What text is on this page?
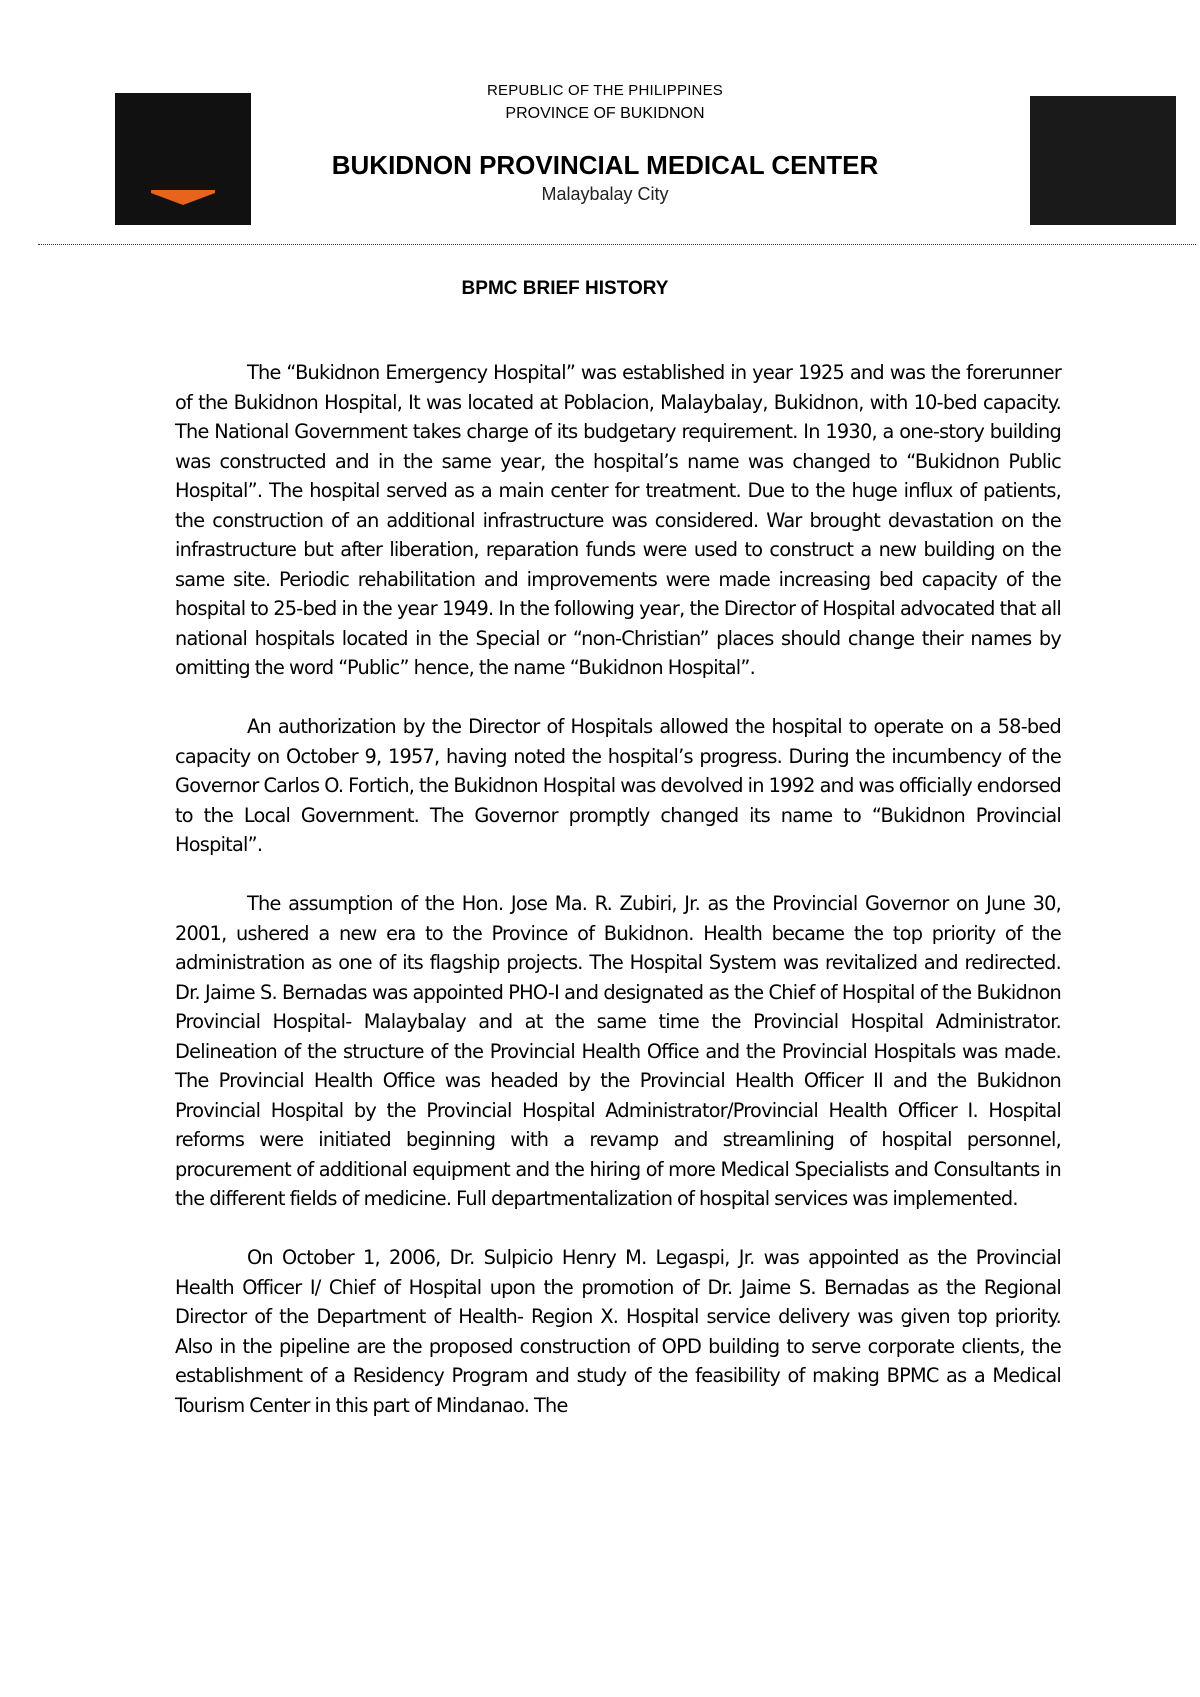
REPUBLIC OF THE PHILIPPINES
PROVINCE OF BUKIDNON
BUKIDNON PROVINCIAL MEDICAL CENTER
Malaybalay City
BPMC BRIEF HISTORY

The “Bukidnon Emergency Hospital” was established in year 1925 and was the forerunner of the Bukidnon Hospital, It was located at Poblacion, Malaybalay, Bukidnon, with 10-bed capacity. The National Government takes charge of its budgetary requirement. In 1930, a one-story building was constructed and in the same year, the hospital’s name was changed to “Bukidnon Public Hospital”. The hospital served as a main center for treatment. Due to the huge influx of patients, the construction of an additional infrastructure was considered. War brought devastation on the infrastructure but after liberation, reparation funds were used to construct a new building on the same site. Periodic rehabilitation and improvements were made increasing bed capacity of the hospital to 25-bed in the year 1949. In the following year, the Director of Hospital advocated that all national hospitals located in the Special or “non-Christian” places should change their names by omitting the word “Public” hence, the name “Bukidnon Hospital”.

An authorization by the Director of Hospitals allowed the hospital to operate on a 58-bed capacity on October 9, 1957, having noted the hospital’s progress. During the incumbency of the Governor Carlos O. Fortich, the Bukidnon Hospital was devolved in 1992 and was officially endorsed to the Local Government. The Governor promptly changed its name to “Bukidnon Provincial Hospital”.

The assumption of the Hon. Jose Ma. R. Zubiri, Jr. as the Provincial Governor on June 30, 2001, ushered a new era to the Province of Bukidnon. Health became the top priority of the administration as one of its flagship projects. The Hospital System was revitalized and redirected. Dr. Jaime S. Bernadas was appointed PHO-I and designated as the Chief of Hospital of the Bukidnon Provincial Hospital- Malaybalay and at the same time the Provincial Hospital Administrator. Delineation of the structure of the Provincial Health Office and the Provincial Hospitals was made. The Provincial Health Office was headed by the Provincial Health Officer II and the Bukidnon Provincial Hospital by the Provincial Hospital Administrator/Provincial Health Officer I. Hospital reforms were initiated beginning with a revamp and streamlining of hospital personnel, procurement of additional equipment and the hiring of more Medical Specialists and Consultants in the different fields of medicine. Full departmentalization of hospital services was implemented.

On October 1, 2006, Dr. Sulpicio Henry M. Legaspi, Jr. was appointed as the Provincial Health Officer I/ Chief of Hospital upon the promotion of Dr. Jaime S. Bernadas as the Regional Director of the Department of Health- Region X. Hospital service delivery was given top priority. Also in the pipeline are the proposed construction of OPD building to serve corporate clients, the establishment of a Residency Program and study of the feasibility of making BPMC as a Medical Tourism Center in this part of Mindanao. The
